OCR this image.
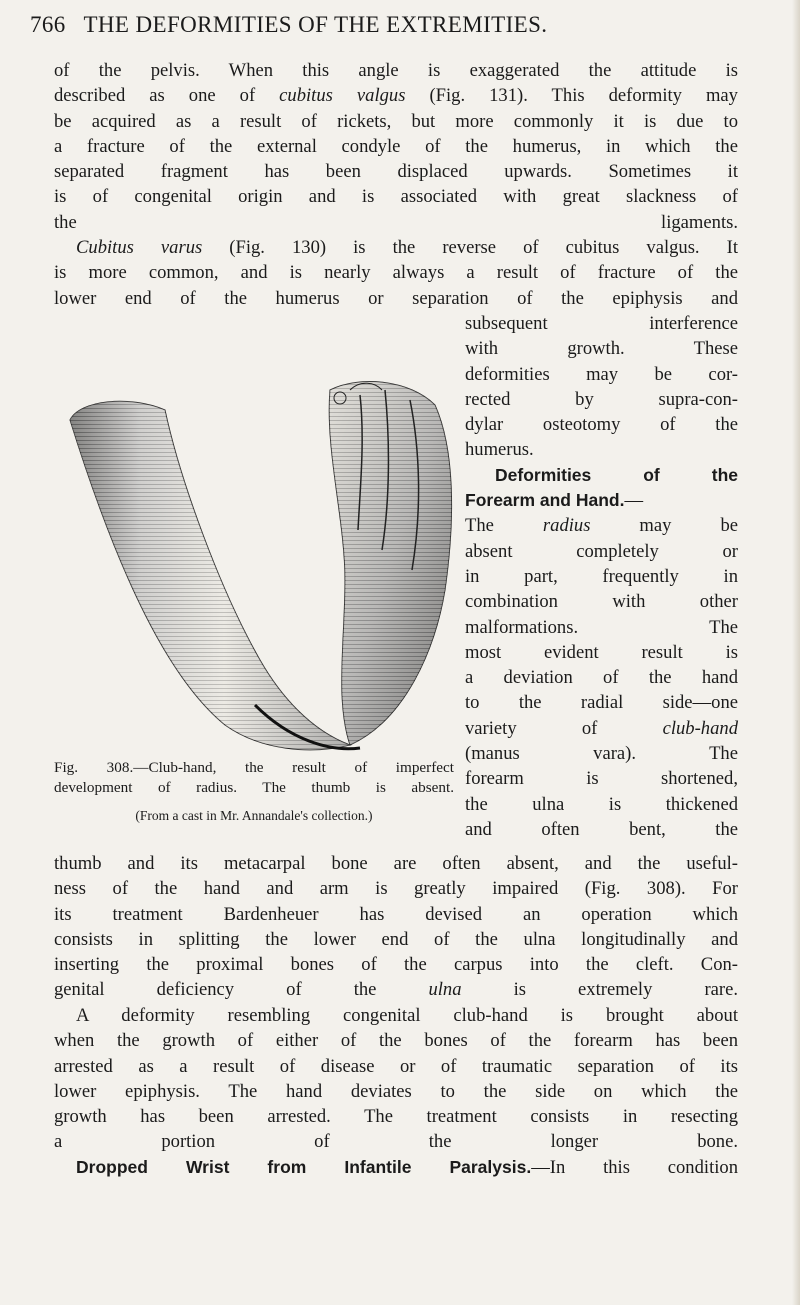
766 THE DEFORMITIES OF THE EXTREMITIES.
of the pelvis. When this angle is exaggerated the attitude is
described as one of cubitus valgus (Fig. 131). This deformity may
be acquired as a result of rickets, but more commonly it is due to
a fracture of the external condyle of the humerus, in which the
separated fragment has been displaced upwards. Sometimes it
is of congenital origin and is associated with great slackness of
the ligaments.
Cubitus varus (Fig. 130) is the reverse of cubitus valgus. It
is more common, and is nearly always a result of fracture of the
lower end of the humerus or separation of the epiphysis and
subsequent interference
with growth. These
deformities may be cor-
rected by supra-con-
dylar osteotomy of the
humerus.
Deformities of the
Forearm and Hand.—
The radius may be
absent completely or
in part, frequently in
combination with other
malformations. The
most evident result is
a deviation of the hand
to the radial side—one
variety of club-hand
(manus vara). The
forearm is shortened,
the ulna is thickened
and often bent, the
Fig. 308.—Club-hand, the result of imperfect
development of radius. The thumb is absent.
(From a cast in Mr. Annandale's collection.)
thumb and its metacarpal bone are often absent, and the useful-
ness of the hand and arm is greatly impaired (Fig. 308). For
its treatment Bardenheuer has devised an operation which
consists in splitting the lower end of the ulna longitudinally and
inserting the proximal bones of the carpus into the cleft. Con-
genital deficiency of the ulna is extremely rare.
A deformity resembling congenital club-hand is brought about
when the growth of either of the bones of the forearm has been
arrested as a result of disease or of traumatic separation of its
lower epiphysis. The hand deviates to the side on which the
growth has been arrested. The treatment consists in resecting
a portion of the longer bone.
Dropped Wrist from Infantile Paralysis.—In this condition
